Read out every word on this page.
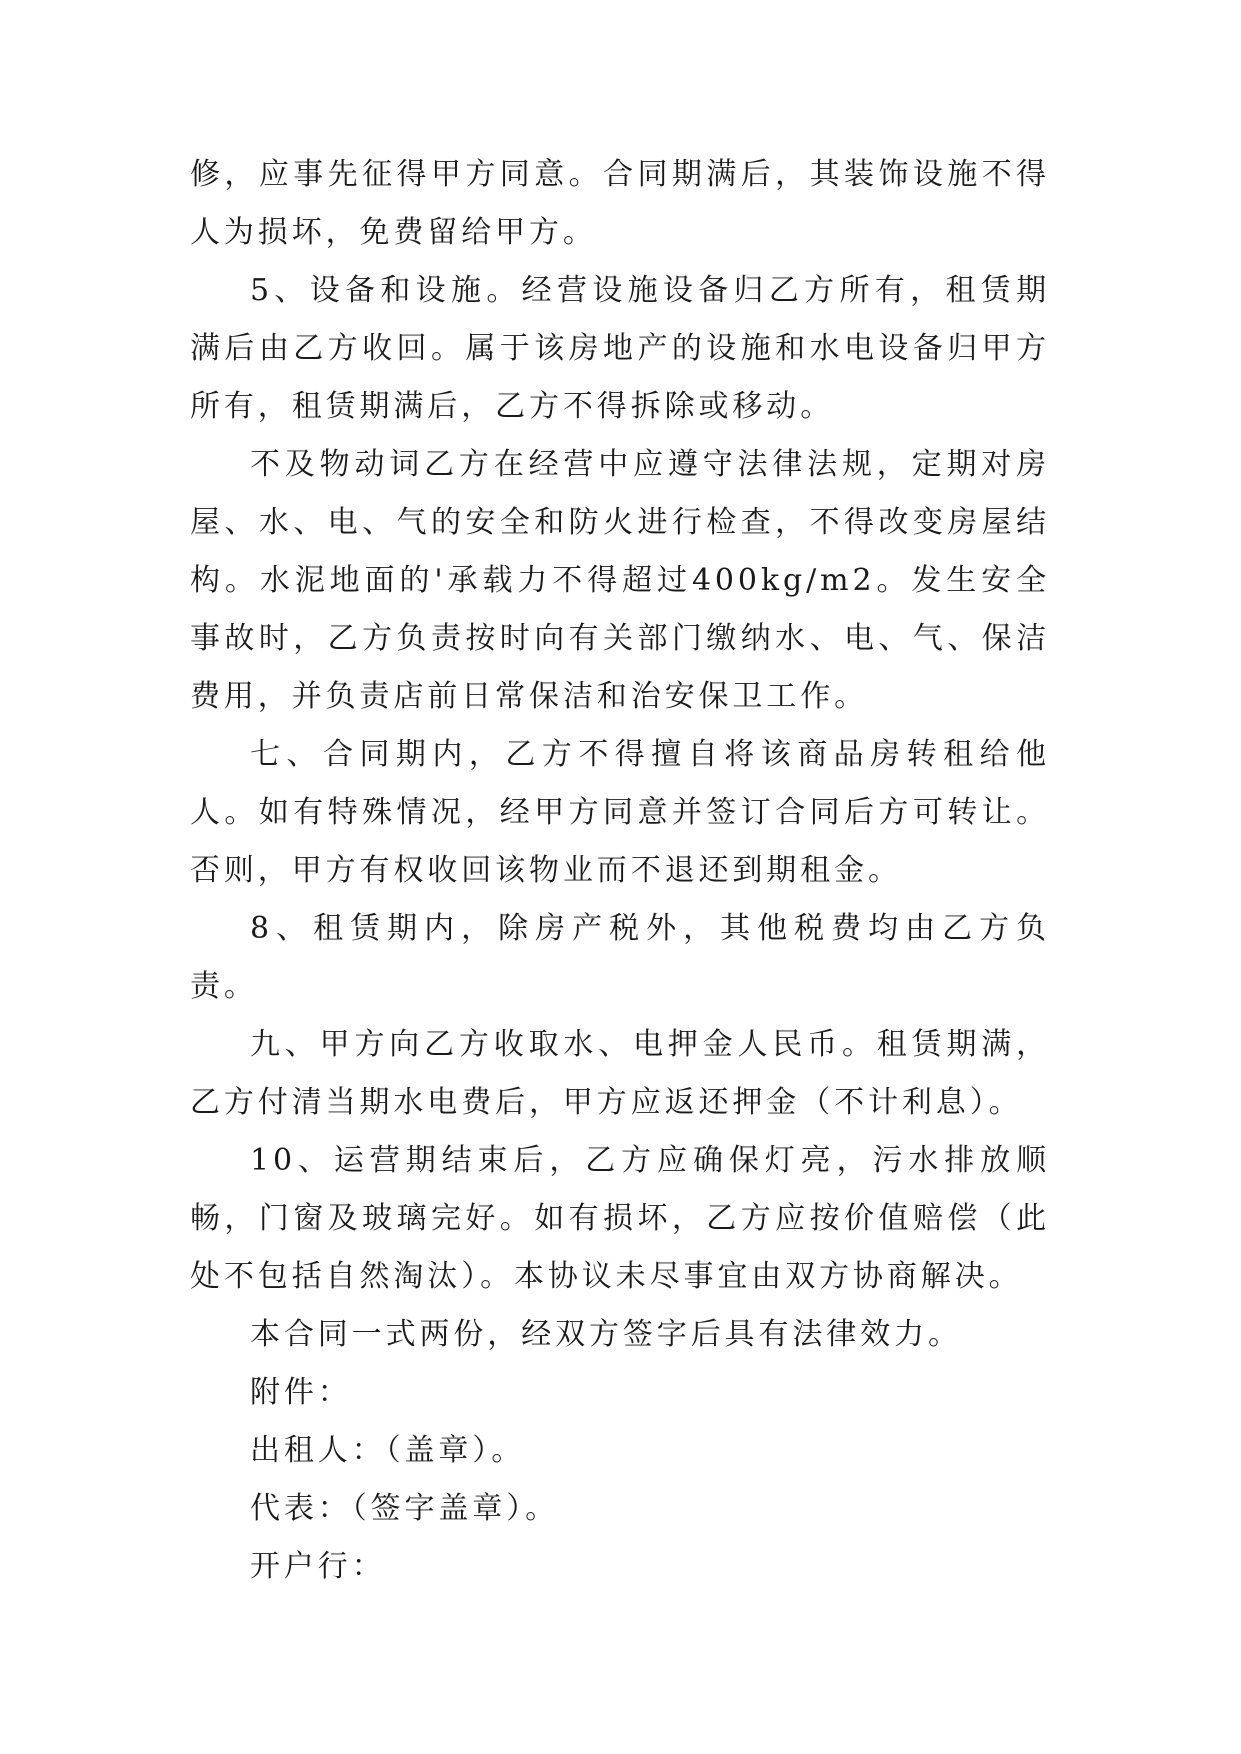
修，应事先征得甲方同意。合同期满后，其装饰设施不得人为损坏，免费留给甲方。

5、设备和设施。经营设施设备归乙方所有，租赁期满后由乙方收回。属于该房地产的设施和水电设备归甲方所有，租赁期满后，乙方不得拆除或移动。

不及物动词乙方在经营中应遵守法律法规，定期对房屋、水、电、气的安全和防火进行检查，不得改变房屋结构。水泥地面的'承载力不得超过400kg/m2。发生安全事故时，乙方负责按时向有关部门缴纳水、电、气、保洁费用，并负责店前日常保洁和治安保卫工作。

七、合同期内，乙方不得擅自将该商品房转租给他人。如有特殊情况，经甲方同意并签订合同后方可转让。否则，甲方有权收回该物业而不退还到期租金。

8、租赁期内，除房产税外，其他税费均由乙方负责。

九、甲方向乙方收取水、电押金人民币。租赁期满，乙方付清当期水电费后，甲方应返还押金（不计利息）。

10、运营期结束后，乙方应确保灯亮，污水排放顺畅，门窗及玻璃完好。如有损坏，乙方应按价值赔偿（此处不包括自然淘汰）。本协议未尽事宜由双方协商解决。

本合同一式两份，经双方签字后具有法律效力。

附件：

出租人：（盖章）。

代表：（签字盖章）。

开户行：
